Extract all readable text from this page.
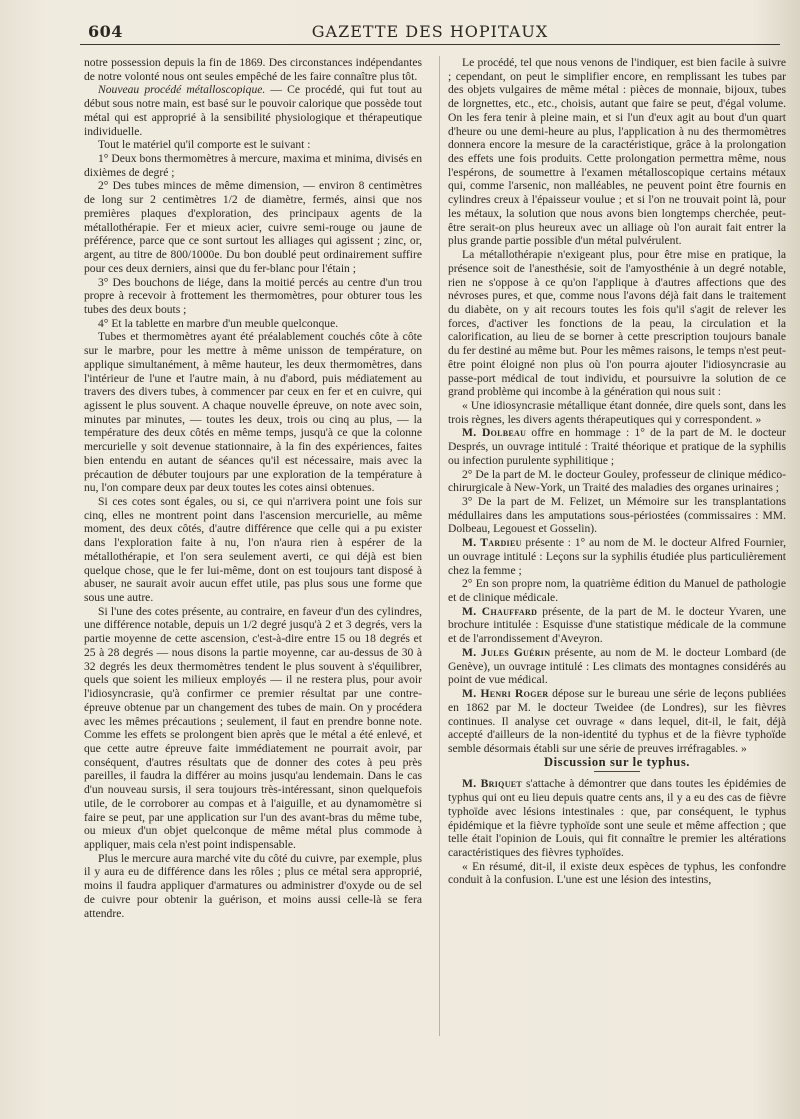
604	GAZETTE DES HOPITAUX

notre possession depuis la fin de 1869. Des circonstances indépendantes de notre volonté nous ont seules empêché de les faire connaître plus tôt.

Nouveau procédé métalloscopique. — Ce procédé, qui fut tout au début sous notre main, est basé sur le pouvoir calorique que possède tout métal qui est approprié à la sensibilité physiologique et thérapeutique individuelle.

Tout le matériel qu'il comporte est le suivant :

1° Deux bons thermomètres à mercure, maxima et minima, divisés en dixièmes de degré ;

2° Des tubes minces de même dimension, — environ 8 centimètres de long sur 2 centimètres 1/2 de diamètre, fermés, ainsi que nos premières plaques d'exploration, des principaux agents de la métallothérapie. Fer et mieux acier, cuivre semi-rouge ou jaune de préférence, parce que ce sont surtout les alliages qui agissent ; zinc, or, argent, au titre de 800/1000e. Du bon doublé peut ordinairement suffire pour ces deux derniers, ainsi que du fer-blanc pour l'étain ;

3° Des bouchons de liége, dans la moitié percés au centre d'un trou propre à recevoir à frottement les thermomètres, pour obturer tous les tubes des deux bouts ;

4° Et la tablette en marbre d'un meuble quelconque.

Tubes et thermomètres ayant été préalablement couchés côte à côte sur le marbre, pour les mettre à même unisson de température, on applique simultanément, à même hauteur, les deux thermomètres, dans l'intérieur de l'une et l'autre main, à nu d'abord, puis médiatement au travers des divers tubes, à commencer par ceux en fer et en cuivre, qui agissent le plus souvent. A chaque nouvelle épreuve, on note avec soin, minutes par minutes, — toutes les deux, trois ou cinq au plus, — la température des deux côtés en même temps, jusqu'à ce que la colonne mercurielle y soit devenue stationnaire, à la fin des expériences, faites bien entendu en autant de séances qu'il est nécessaire, mais avec la précaution de débuter toujours par une exploration de la température à nu, l'on compare deux par deux toutes les cotes ainsi obtenues.

Si ces cotes sont égales, ou si, ce qui n'arrivera point une fois sur cinq, elles ne montrent point dans l'ascension mercurielle, au même moment, des deux côtés, d'autre différence que celle qui a pu exister dans l'exploration faite à nu, l'on n'aura rien à espérer de la métallothérapie, et l'on sera seulement averti, ce qui déjà est bien quelque chose, que le fer lui-même, dont on est toujours tant disposé à abuser, ne saurait avoir aucun effet utile, pas plus sous une forme que sous une autre.

Si l'une des cotes présente, au contraire, en faveur d'un des cylindres, une différence notable, depuis un 1/2 degré jusqu'à 2 et 3 degrés, vers la partie moyenne de cette ascension, c'est-à-dire entre 15 ou 18 degrés et 25 à 28 degrés — nous disons la partie moyenne, car au-dessus de 30 à 32 degrés les deux thermomètres tendent le plus souvent à s'équilibrer, quels que soient les milieux employés — il ne restera plus, pour avoir l'idiosyncrasie, qu'à confirmer ce premier résultat par une contre-épreuve obtenue par un changement des tubes de main. On y procédera avec les mêmes précautions ; seulement, il faut en prendre bonne note. Comme les effets se prolongent bien après que le métal a été enlevé, et que cette autre épreuve faite immédiatement ne pourrait avoir, par conséquent, d'autres résultats que de donner des cotes à peu près pareilles, il faudra la différer au moins jusqu'au lendemain. Dans le cas d'un nouveau sursis, il sera toujours très-intéressant, sinon quelquefois utile, de le corroborer au compas et à l'aiguille, et au dynamomètre si faire se peut, par une application sur l'un des avant-bras du même tube, ou mieux d'un objet quelconque de même métal plus commode à appliquer, mais cela n'est point indispensable.

Plus le mercure aura marché vite du côté du cuivre, par exemple, plus il y aura eu de différence dans les rôles ; plus ce métal sera approprié, moins il faudra appliquer d'armatures ou administrer d'oxyde ou de sel de cuivre pour obtenir la guérison, et moins aussi celle-là se fera attendre.

Le procédé, tel que nous venons de l'indiquer, est bien facile à suivre ; cependant, on peut le simplifier encore, en remplissant les tubes par des objets vulgaires de même métal : pièces de monnaie, bijoux, tubes de lorgnettes, etc., etc., choisis, autant que faire se peut, d'égal volume. On les fera tenir à pleine main, et si l'un d'eux agit au bout d'un quart d'heure ou une demi-heure au plus, l'application à nu des thermomètres donnera encore la mesure de la caractéristique, grâce à la prolongation des effets une fois produits. Cette prolongation permettra même, nous l'espérons, de soumettre à l'examen métalloscopique certains métaux qui, comme l'arsenic, non malléables, ne peuvent point être fournis en cylindres creux à l'épaisseur voulue ; et si l'on ne trouvait point là, pour les métaux, la solution que nous avons bien longtemps cherchée, peut-être serait-on plus heureux avec un alliage où l'on aurait fait entrer la plus grande partie possible d'un métal pulvérulent.

La métallothérapie n'exigeant plus, pour être mise en pratique, la présence soit de l'anesthésie, soit de l'amyosthénie à un degré notable, rien ne s'oppose à ce qu'on l'applique à d'autres affections que des névroses pures, et que, comme nous l'avons déjà fait dans le traitement du diabète, on y ait recours toutes les fois qu'il s'agit de relever les forces, d'activer les fonctions de la peau, la circulation et la calorification, au lieu de se borner à cette prescription toujours banale du fer destiné au même but. Pour les mêmes raisons, le temps n'est peut-être point éloigné non plus où l'on pourra ajouter l'idiosyncrasie au passe-port médical de tout individu, et poursuivre la solution de ce grand problème qui incombe à la génération qui nous suit :

« Une idiosyncrasie métallique étant donnée, dire quels sont, dans les trois règnes, les divers agents thérapeutiques qui y correspondent. »

M. Dolbeau offre en hommage : 1° de la part de M. le docteur Després, un ouvrage intitulé : Traité théorique et pratique de la syphilis ou infection purulente syphilitique ;

2° De la part de M. le docteur Gouley, professeur de clinique médico-chirurgicale à New-York, un Traité des maladies des organes urinaires ;

3° De la part de M. Felizet, un Mémoire sur les transplantations médullaires dans les amputations sous-périostées (commissaires : MM. Dolbeau, Legouest et Gosselin).

M. Tardieu présente : 1° au nom de M. le docteur Alfred Fournier, un ouvrage intitulé : Leçons sur la syphilis étudiée plus particulièrement chez la femme ;

2° En son propre nom, la quatrième édition du Manuel de pathologie et de clinique médicale.

M. Chauffard présente, de la part de M. le docteur Yvaren, une brochure intitulée : Esquisse d'une statistique médicale de la commune et de l'arrondissement d'Aveyron.

M. Jules Guérin présente, au nom de M. le docteur Lombard (de Genève), un ouvrage intitulé : Les climats des montagnes considérés au point de vue médical.

M. Henri Roger dépose sur le bureau une série de leçons publiées en 1862 par M. le docteur Tweidee (de Londres), sur les fièvres continues. Il analyse cet ouvrage « dans lequel, dit-il, le fait, déjà accepté d'ailleurs de la non-identité du typhus et de la fièvre typhoïde semble désormais établi sur une série de preuves irréfragables. »

Discussion sur le typhus.

M. Briquet s'attache à démontrer que dans toutes les épidémies de typhus qui ont eu lieu depuis quatre cents ans, il y a eu des cas de fièvre typhoïde avec lésions intestinales : que, par conséquent, le typhus épidémique et la fièvre typhoïde sont une seule et même affection ; que telle était l'opinion de Louis, qui fit connaître le premier les altérations caractéristiques des fièvres typhoïdes.

« En résumé, dit-il, il existe deux espèces de typhus, les confondre conduit à la confusion. L'une est une lésion des intestins,
